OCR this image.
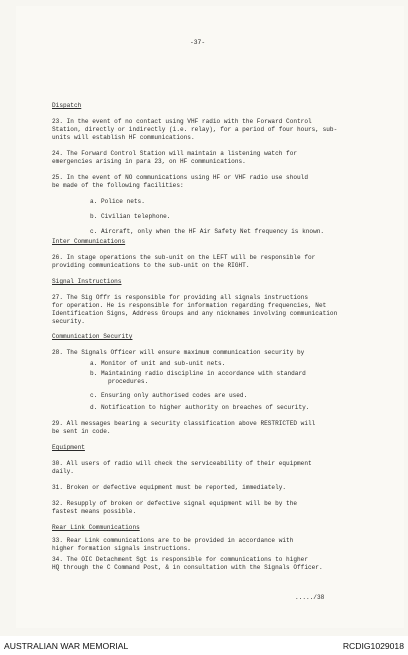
-37-
...../38
Dispatch
23. In the event of no contact using VHF radio with the Forward Control
Station, directly or indirectly (i.e. relay), for a period of four hours, sub-
units will establish HF communications.
24. The Forward Control Station will maintain a listening watch for
emergencies arising in para 23, on HF communications.
25. In the event of NO communications using HF or VHF radio use should
be made of the following facilities:
a. Police nets.
b. Civilian telephone.
c. Aircraft, only when the HF Air Safety Net frequency is known.
Inter Communications
26. In stage operations the sub-unit on the LEFT will be responsible for
providing communications to the sub-unit on the RIGHT.
Signal Instructions
27. The Sig Offr is responsible for providing all signals instructions
for operation. He is responsible for information regarding frequencies, Net
Identification Signs, Address Groups and any nicknames involving communication
security.
Communication Security
28. The Signals Officer will ensure maximum communication security by
a. Monitor of unit and sub-unit nets.
b. Maintaining radio discipline in accordance with standard
procedures.
c. Ensuring only authorised codes are used.
d. Notification to higher authority on breaches of security.
29. All messages bearing a security classification above RESTRICTED will
be sent in code.
Equipment
30. All users of radio will check the serviceability of their equipment
daily.
31. Broken or defective equipment must be reported, immediately.
32. Resupply of broken or defective signal equipment will be by the
fastest means possible.
Rear Link Communications
33. Rear Link communications are to be provided in accordance with
higher formation signals instructions.
34. The OIC Detachment Sgt is responsible for communications to higher
HQ through the C Command Post, & in consultation with the Signals Officer.
AUSTRALIAN WAR MEMORIAL	RCDIG1029018
